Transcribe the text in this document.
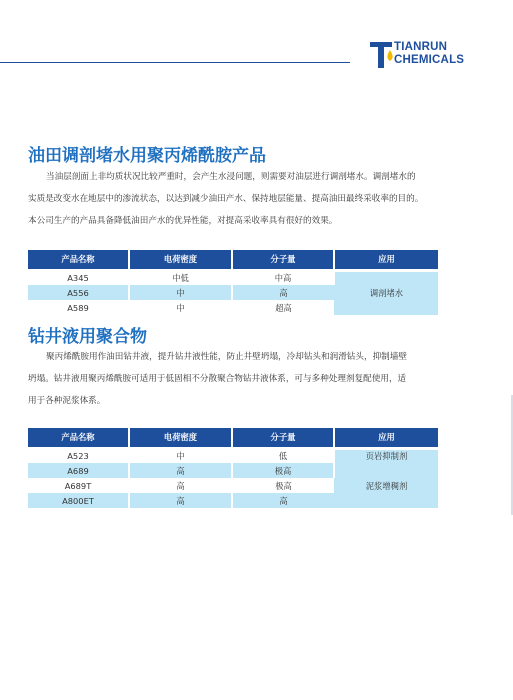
TIANRUN
CHEMICALS
油田调剖堵水用聚丙烯酰胺产品
当油层剖面上非均质状况比较严重时，会产生水浸问题，则需要对油层进行调剖堵水。调剖堵水的
实质是改变水在地层中的渗流状态，以达到减少油田产水、保持地层能量、提高油田最终采收率的目的。
本公司生产的产品具备降低油田产水的优异性能，对提高采收率具有很好的效果。
产品名称	电荷密度	分子量	应用
A345	中低	中高	调剖堵水
A556	中	高	
A589	中	超高	
钻井液用聚合物
聚丙烯酰胺用作油田钻井液，提升钻井液性能，防止井壁坍塌，冷却钻头和润滑钻头，抑制墙壁
坍塌。钻井液用聚丙烯酰胺可适用于低固相不分散聚合物钻井液体系，可与多种处理剂复配使用，适
用于各种泥浆体系。
产品名称	电荷密度	分子量	应用
A523	中	低	页岩抑制剂
A689	高	极高	泥浆增稠剂
A689T	高	极高	
A800ET	高	高	
